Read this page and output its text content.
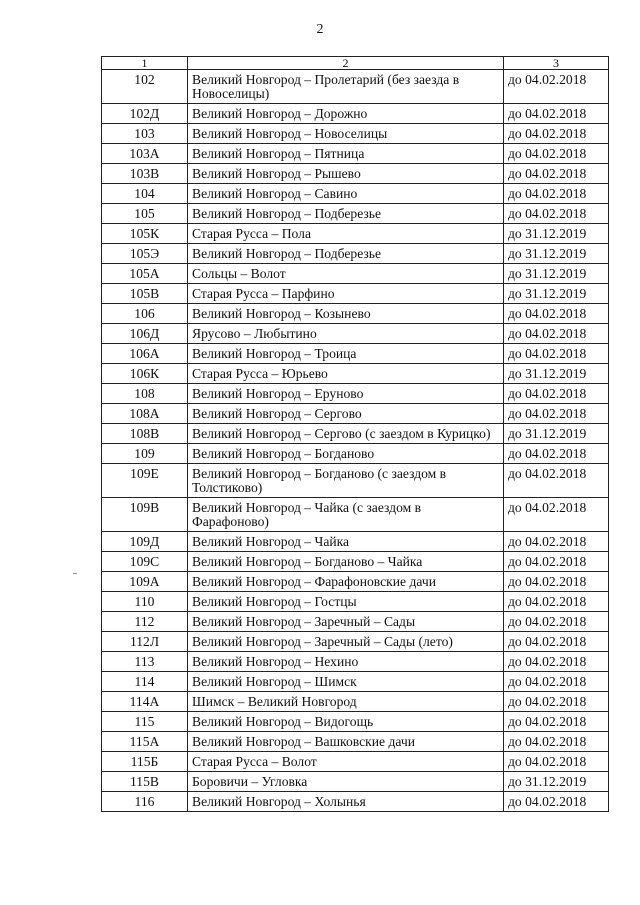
2
1	2	3
102	Великий Новгород – Пролетарий (без заезда в Новоселицы)	до 04.02.2018
102Д	Великий Новгород – Дорожно	до 04.02.2018
103	Великий Новгород – Новоселицы	до 04.02.2018
103А	Великий Новгород – Пятница	до 04.02.2018
103В	Великий Новгород – Рышево	до 04.02.2018
104	Великий Новгород – Савино	до 04.02.2018
105	Великий Новгород – Подберезье	до 04.02.2018
105К	Старая Русса – Пола	до 31.12.2019
105Э	Великий Новгород – Подберезье	до 31.12.2019
105А	Сольцы – Волот	до 31.12.2019
105В	Старая Русса – Парфино	до 31.12.2019
106	Великий Новгород – Козынево	до 04.02.2018
106Д	Ярусово – Любытино	до 04.02.2018
106А	Великий Новгород – Троица	до 04.02.2018
106К	Старая Русса – Юрьево	до 31.12.2019
108	Великий Новгород – Еруново	до 04.02.2018
108А	Великий Новгород – Сергово	до 04.02.2018
108В	Великий Новгород – Сергово (с заездом в Курицко)	до 31.12.2019
109	Великий Новгород – Богданово	до 04.02.2018
109Е	Великий Новгород – Богданово (с заездом в Толстиково)	до 04.02.2018
109В	Великий Новгород – Чайка (с заездом в Фарафоново)	до 04.02.2018
109Д	Великий Новгород – Чайка	до 04.02.2018
109С	Великий Новгород – Богданово – Чайка	до 04.02.2018
109А	Великий Новгород – Фарафоновские дачи	до 04.02.2018
110	Великий Новгород – Гостцы	до 04.02.2018
112	Великий Новгород – Заречный – Сады	до 04.02.2018
112Л	Великий Новгород – Заречный – Сады (лето)	до 04.02.2018
113	Великий Новгород – Нехино	до 04.02.2018
114	Великий Новгород – Шимск	до 04.02.2018
114А	Шимск – Великий Новгород	до 04.02.2018
115	Великий Новгород – Видогощь	до 04.02.2018
115А	Великий Новгород – Вашковские дачи	до 04.02.2018
115Б	Старая Русса – Волот	до 04.02.2018
115В	Боровичи – Угловка	до 31.12.2019
116	Великий Новгород – Холынья	до 04.02.2018
